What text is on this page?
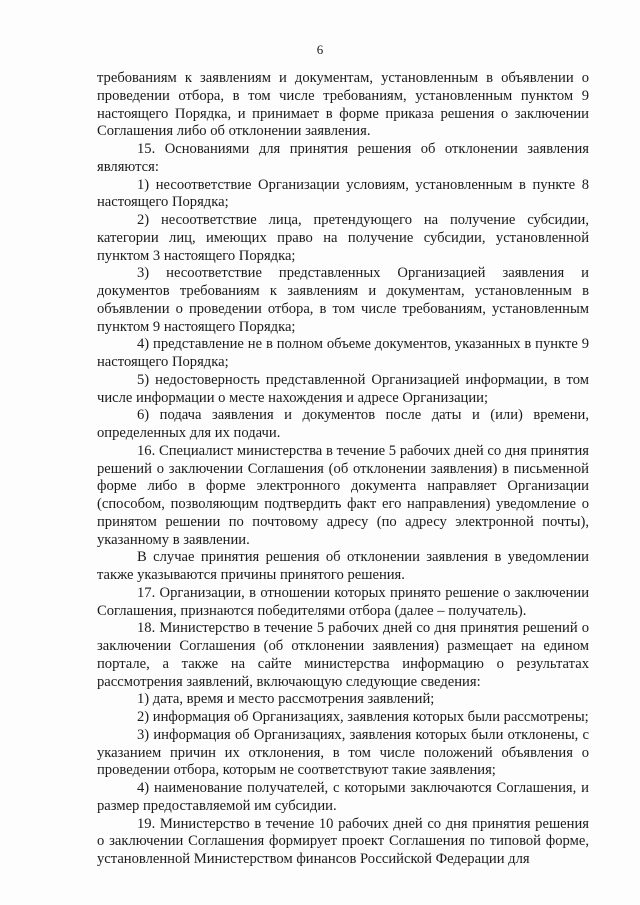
6

требованиям к заявлениям и документам, установленным в объявлении о проведении отбора, в том числе требованиям, установленным пунктом 9 настоящего Порядка, и принимает в форме приказа решения о заключении Соглашения либо об отклонении заявления.

15. Основаниями для принятия решения об отклонении заявления являются:

1) несоответствие Организации условиям, установленным в пункте 8 настоящего Порядка;

2) несоответствие лица, претендующего на получение субсидии, категории лиц, имеющих право на получение субсидии, установленной пунктом 3 настоящего Порядка;

3) несоответствие представленных Организацией заявления и документов требованиям к заявлениям и документам, установленным в объявлении о проведении отбора, в том числе требованиям, установленным пунктом 9 настоящего Порядка;

4) представление не в полном объеме документов, указанных в пункте 9 настоящего Порядка;

5) недостоверность представленной Организацией информации, в том числе информации о месте нахождения и адресе Организации;

6) подача заявления и документов после даты и (или) времени, определенных для их подачи.

16. Специалист министерства в течение 5 рабочих дней со дня принятия решений о заключении Соглашения (об отклонении заявления) в письменной форме либо в форме электронного документа направляет Организации (способом, позволяющим подтвердить факт его направления) уведомление о принятом решении по почтовому адресу (по адресу электронной почты), указанному в заявлении.

В случае принятия решения об отклонении заявления в уведомлении также указываются причины принятого решения.

17. Организации, в отношении которых принято решение о заключении Соглашения, признаются победителями отбора (далее – получатель).

18. Министерство в течение 5 рабочих дней со дня принятия решений о заключении Соглашения (об отклонении заявления) размещает на едином портале, а также на сайте министерства информацию о результатах рассмотрения заявлений, включающую следующие сведения:

1) дата, время и место рассмотрения заявлений;

2) информация об Организациях, заявления которых были рассмотрены;

3) информация об Организациях, заявления которых были отклонены, с указанием причин их отклонения, в том числе положений объявления о проведении отбора, которым не соответствуют такие заявления;

4) наименование получателей, с которыми заключаются Соглашения, и размер предоставляемой им субсидии.

19. Министерство в течение 10 рабочих дней со дня принятия решения о заключении Соглашения формирует проект Соглашения по типовой форме, установленной Министерством финансов Российской Федерации для
